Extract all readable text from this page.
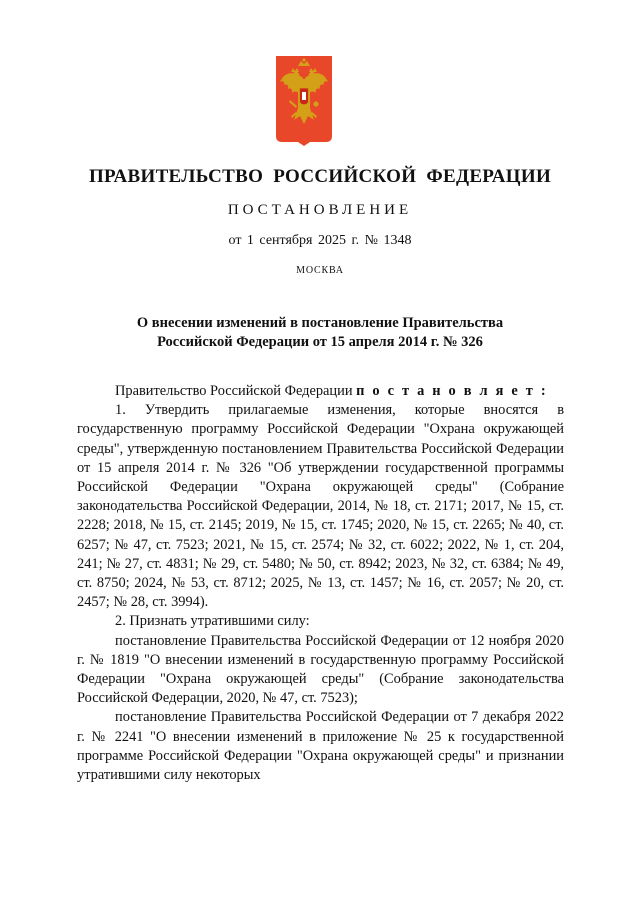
ПРАВИТЕЛЬСТВО РОССИЙСКОЙ ФЕДЕРАЦИИ
ПОСТАНОВЛЕНИЕ
от 1 сентября 2025 г. № 1348
МОСКВА
О внесении изменений в постановление Правительства
Российской Федерации от 15 апреля 2014 г. № 326

Правительство Российской Федерации п о с т а н о в л я е т :

1. Утвердить прилагаемые изменения, которые вносятся в государственную программу Российской Федерации "Охрана окружающей среды", утвержденную постановлением Правительства Российской Федерации от 15 апреля 2014 г. № 326 "Об утверждении государственной программы Российской Федерации "Охрана окружающей среды" (Собрание законодательства Российской Федерации, 2014, № 18, ст. 2171; 2017, № 15, ст. 2228; 2018, № 15, ст. 2145; 2019, № 15, ст. 1745; 2020, № 15, ст. 2265; № 40, ст. 6257; № 47, ст. 7523; 2021, № 15, ст. 2574; № 32, ст. 6022; 2022, № 1, ст. 204, 241; № 27, ст. 4831; № 29, ст. 5480; № 50, ст. 8942; 2023, № 32, ст. 6384; № 49, ст. 8750; 2024, № 53, ст. 8712; 2025, № 13, ст. 1457; № 16, ст. 2057; № 20, ст. 2457; № 28, ст. 3994).

2. Признать утратившими силу:

постановление Правительства Российской Федерации от 12 ноября 2020 г. № 1819 "О внесении изменений в государственную программу Российской Федерации "Охрана окружающей среды" (Собрание законодательства Российской Федерации, 2020, № 47, ст. 7523);

постановление Правительства Российской Федерации от 7 декабря 2022 г. № 2241 "О внесении изменений в приложение № 25 к государственной программе Российской Федерации "Охрана окружающей среды" и признании утратившими силу некоторых
